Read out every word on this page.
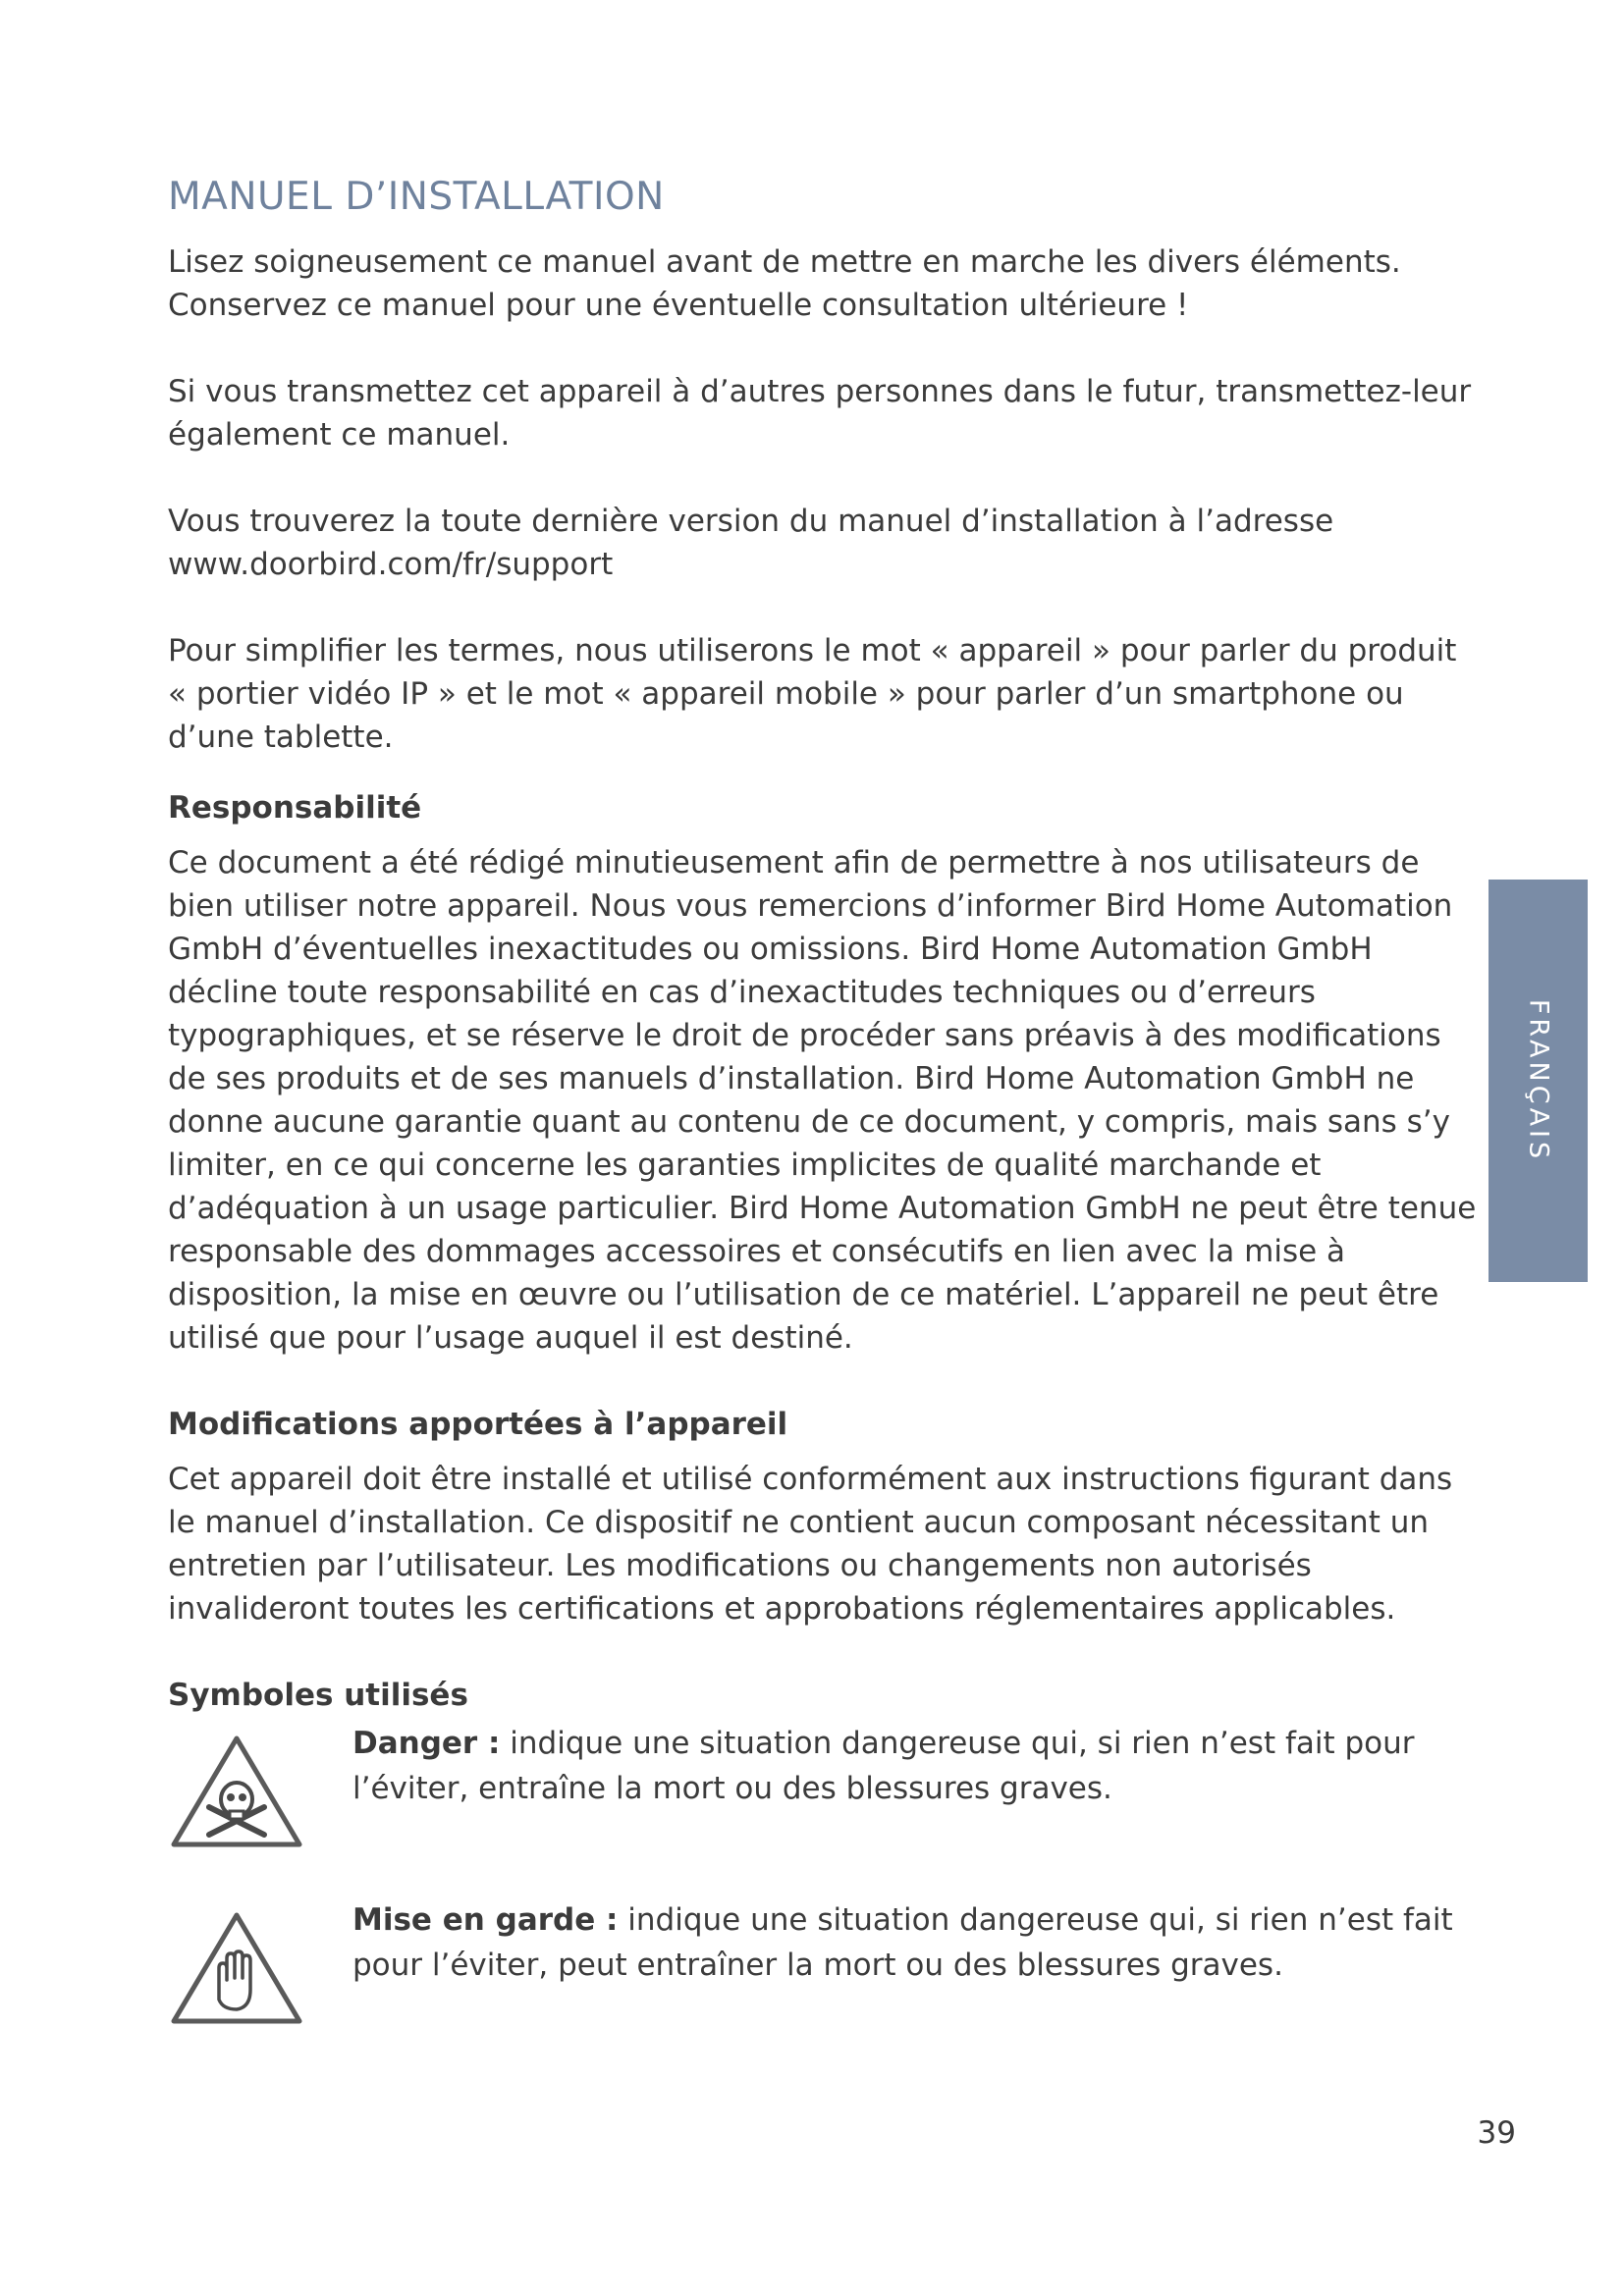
MANUEL D’INSTALLATION

Lisez soigneusement ce manuel avant de mettre en marche les divers éléments. Conservez ce manuel pour une éventuelle consultation ultérieure !

Si vous transmettez cet appareil à d’autres personnes dans le futur, transmettez-leur également ce manuel.

Vous trouverez la toute dernière version du manuel d’installation à l’adresse www.doorbird.com/fr/support

Pour simplifier les termes, nous utiliserons le mot « appareil » pour parler du produit « portier vidéo IP » et le mot « appareil mobile » pour parler d’un smartphone ou d’une tablette.

Responsabilité

Ce document a été rédigé minutieusement afin de permettre à nos utilisateurs de bien utiliser notre appareil. Nous vous remercions d’informer Bird Home Automation GmbH d’éventuelles inexactitudes ou omissions. Bird Home Automation GmbH décline toute responsabilité en cas d’inexactitudes techniques ou d’erreurs typographiques, et se réserve le droit de procéder sans préavis à des modifications de ses produits et de ses manuels d’installation. Bird Home Automation GmbH ne donne aucune garantie quant au contenu de ce document, y compris, mais sans s’y limiter, en ce qui concerne les garanties implicites de qualité marchande et d’adéquation à un usage particulier. Bird Home Automation GmbH ne peut être tenue responsable des dommages accessoires et consécutifs en lien avec la mise à disposition, la mise en œuvre ou l’utilisation de ce matériel. L’appareil ne peut être utilisé que pour l’usage auquel il est destiné.

Modifications apportées à l’appareil

Cet appareil doit être installé et utilisé conformément aux instructions figurant dans le manuel d’installation. Ce dispositif ne contient aucun composant nécessitant un entretien par l’utilisateur. Les modifications ou changements non autorisés invalideront toutes les certifications et approbations réglementaires applicables.

Symboles utilisés
Danger : indique une situation dangereuse qui, si rien n’est fait pour l’éviter, entraîne la mort ou des blessures graves.
Mise en garde : indique une situation dangereuse qui, si rien n’est fait pour l’éviter, peut entraîner la mort ou des blessures graves.
FRANÇAIS
39
